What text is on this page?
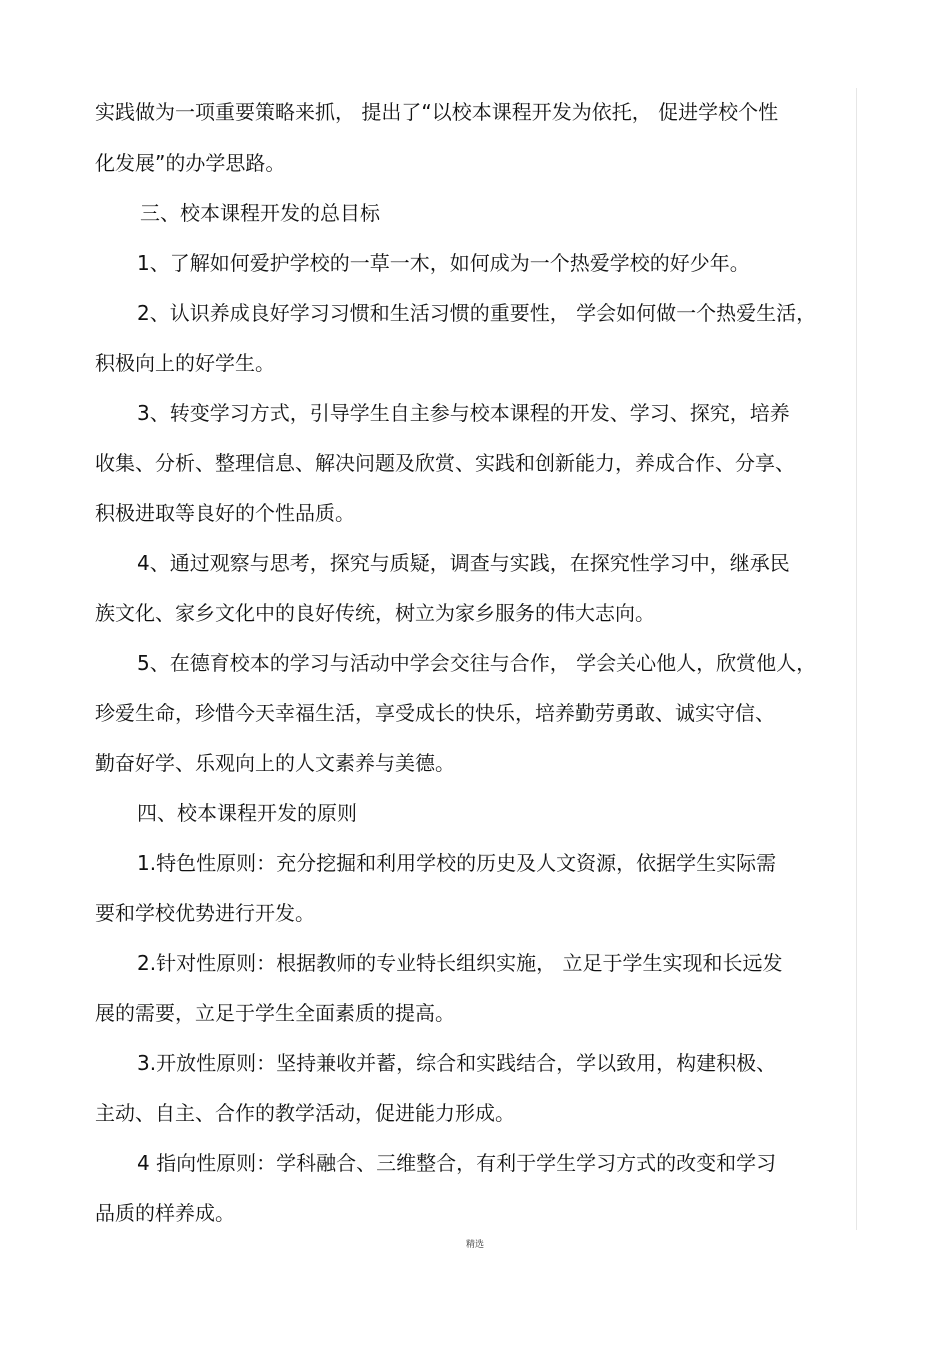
实践做为一项重要策略来抓， 提出了“以校本课程开发为依托， 促进学校个性
化发展”的办学思路。
三、校本课程开发的总目标
1、了解如何爱护学校的一草一木，如何成为一个热爱学校的好少年。
2、认识养成良好学习习惯和生活习惯的重要性， 学会如何做一个热爱生活，
积极向上的好学生。
3、转变学习方式，引导学生自主参与校本课程的开发、学习、探究，培养
收集、分析、整理信息、解决问题及欣赏、实践和创新能力，养成合作、分享、
积极进取等良好的个性品质。
4、通过观察与思考，探究与质疑，调查与实践，在探究性学习中，继承民
族文化、家乡文化中的良好传统，树立为家乡服务的伟大志向。
5、在德育校本的学习与活动中学会交往与合作， 学会关心他人，欣赏他人，
珍爱生命，珍惜今天幸福生活，享受成长的快乐，培养勤劳勇敢、诚实守信、
勤奋好学、乐观向上的人文素养与美德。
四、校本课程开发的原则
1.特色性原则：充分挖掘和利用学校的历史及人文资源，依据学生实际需
要和学校优势进行开发。
2.针对性原则：根据教师的专业特长组织实施， 立足于学生实现和长远发
展的需要，立足于学生全面素质的提高。
3.开放性原则：坚持兼收并蓄，综合和实践结合，学以致用，构建积极、
主动、自主、合作的教学活动，促进能力形成。
4 指向性原则：学科融合、三维整合，有利于学生学习方式的改变和学习
品质的样养成。
精选
